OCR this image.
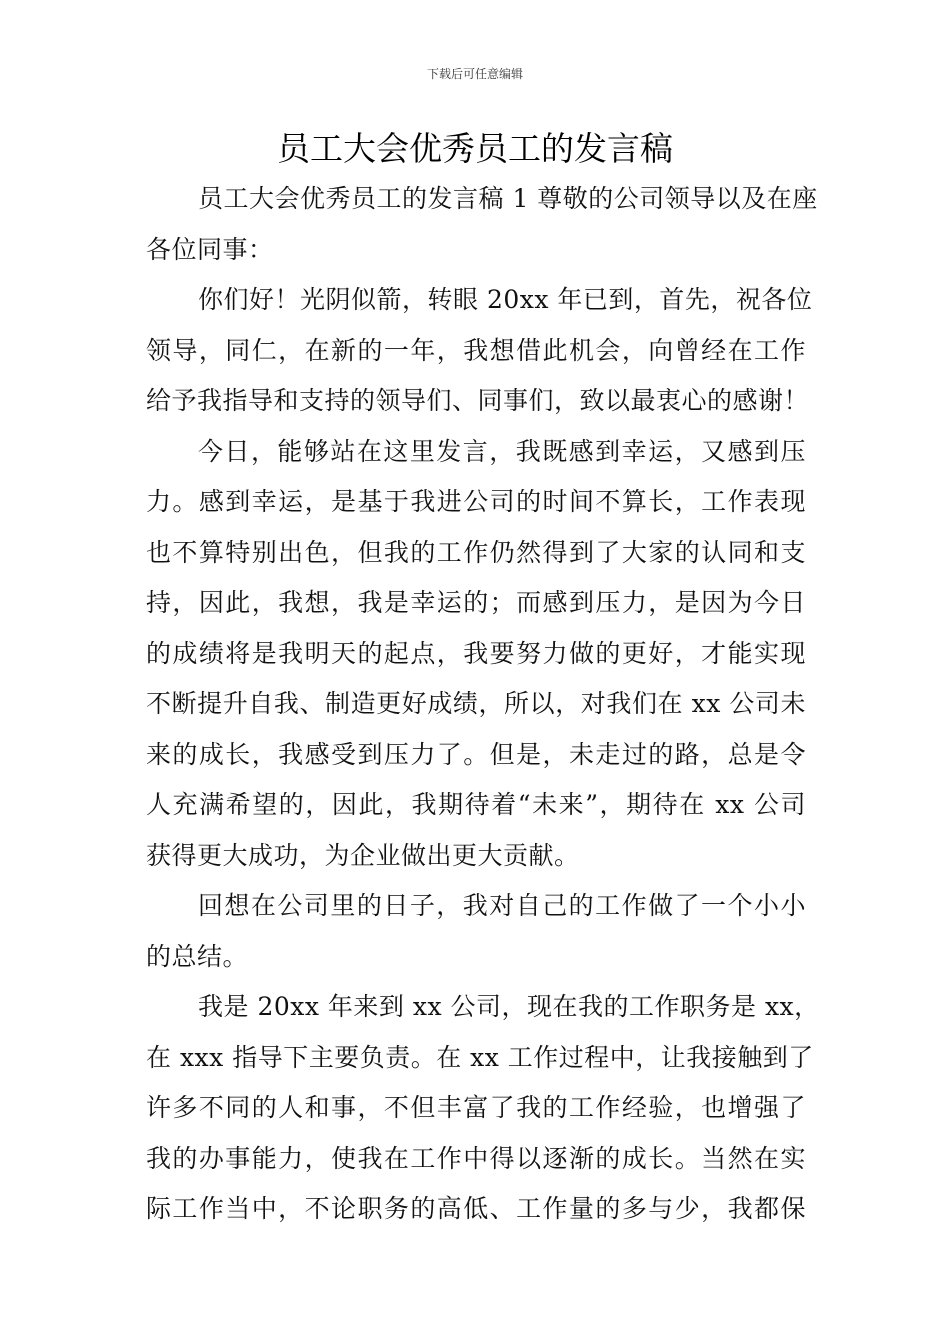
下载后可任意编辑
员工大会优秀员工的发言稿
员工大会优秀员工的发言稿 1 尊敬的公司领导以及在座
各位同事：
你们好！光阴似箭，转眼 20xx 年已到，首先，祝各位
领导，同仁，在新的一年，我想借此机会，向曾经在工作
给予我指导和支持的领导们、同事们，致以最衷心的感谢！
今日，能够站在这里发言，我既感到幸运，又感到压
力。感到幸运，是基于我进公司的时间不算长，工作表现
也不算特别出色，但我的工作仍然得到了大家的认同和支
持，因此，我想，我是幸运的；而感到压力，是因为今日
的成绩将是我明天的起点，我要努力做的更好，才能实现
不断提升自我、制造更好成绩，所以，对我们在 xx 公司未
来的成长，我感受到压力了。但是，未走过的路，总是令
人充满希望的，因此，我期待着“未来”，期待在 xx 公司
获得更大成功，为企业做出更大贡献。
回想在公司里的日子，我对自己的工作做了一个小小
的总结。
我是 20xx 年来到 xx 公司，现在我的工作职务是 xx，
在 xxx 指导下主要负责。在 xx 工作过程中，让我接触到了
许多不同的人和事，不但丰富了我的工作经验，也增强了
我的办事能力，使我在工作中得以逐渐的成长。当然在实
际工作当中，不论职务的高低、工作量的多与少，我都保
